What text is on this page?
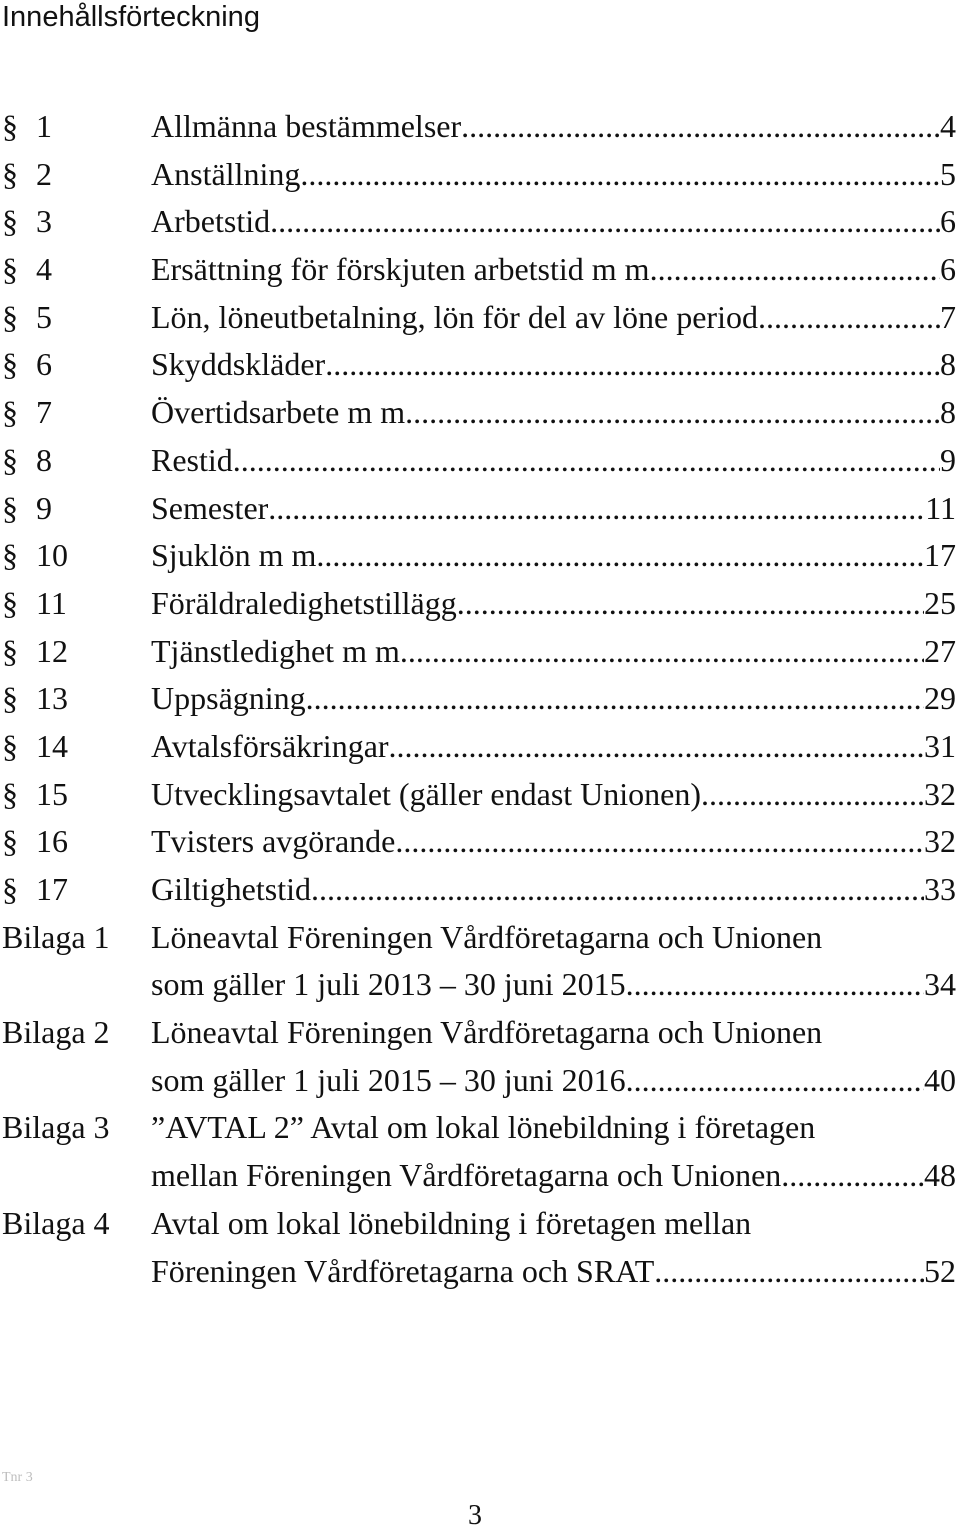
Innehållsförteckning
§ 1	Allmänna bestämmelser .....	4
§ 2	Anställning .....	5
§ 3	Arbetstid .....	6
§ 4	Ersättning för förskjuten arbetstid m m .....	6
§ 5	Lön, löneutbetalning, lön för del av löne period .....	7
§ 6	Skyddskläder .....	8
§ 7	Övertidsarbete m m .....	8
§ 8	Restid .....	9
§ 9	Semester .....	11
§ 10	Sjuklön m m .....	17
§ 11	Föräldraledighetstillägg .....	25
§ 12	Tjänstledighet m m .....	27
§ 13	Uppsägning .....	29
§ 14	Avtalsförsäkringar .....	31
§ 15	Utvecklingsavtalet (gäller endast Unionen) .....	32
§ 16	Tvisters avgörande .....	32
§ 17	Giltighetstid .....	33
Bilaga 1 Löneavtal Föreningen Vårdföretagarna och Unionen
som gäller 1 juli 2013 – 30 juni 2015 .....	34
Bilaga 2 Löneavtal Föreningen Vårdföretagarna och Unionen
som gäller 1 juli 2015 – 30 juni 2016 .....	40
Bilaga 3 ”AVTAL 2” Avtal om lokal lönebildning i företagen
mellan Föreningen Vårdföretagarna och Unionen .....	48
Bilaga 4 Avtal om lokal lönebildning i företagen mellan
Föreningen Vårdföretagarna och SRAT .....	52
Tnr 3
3
